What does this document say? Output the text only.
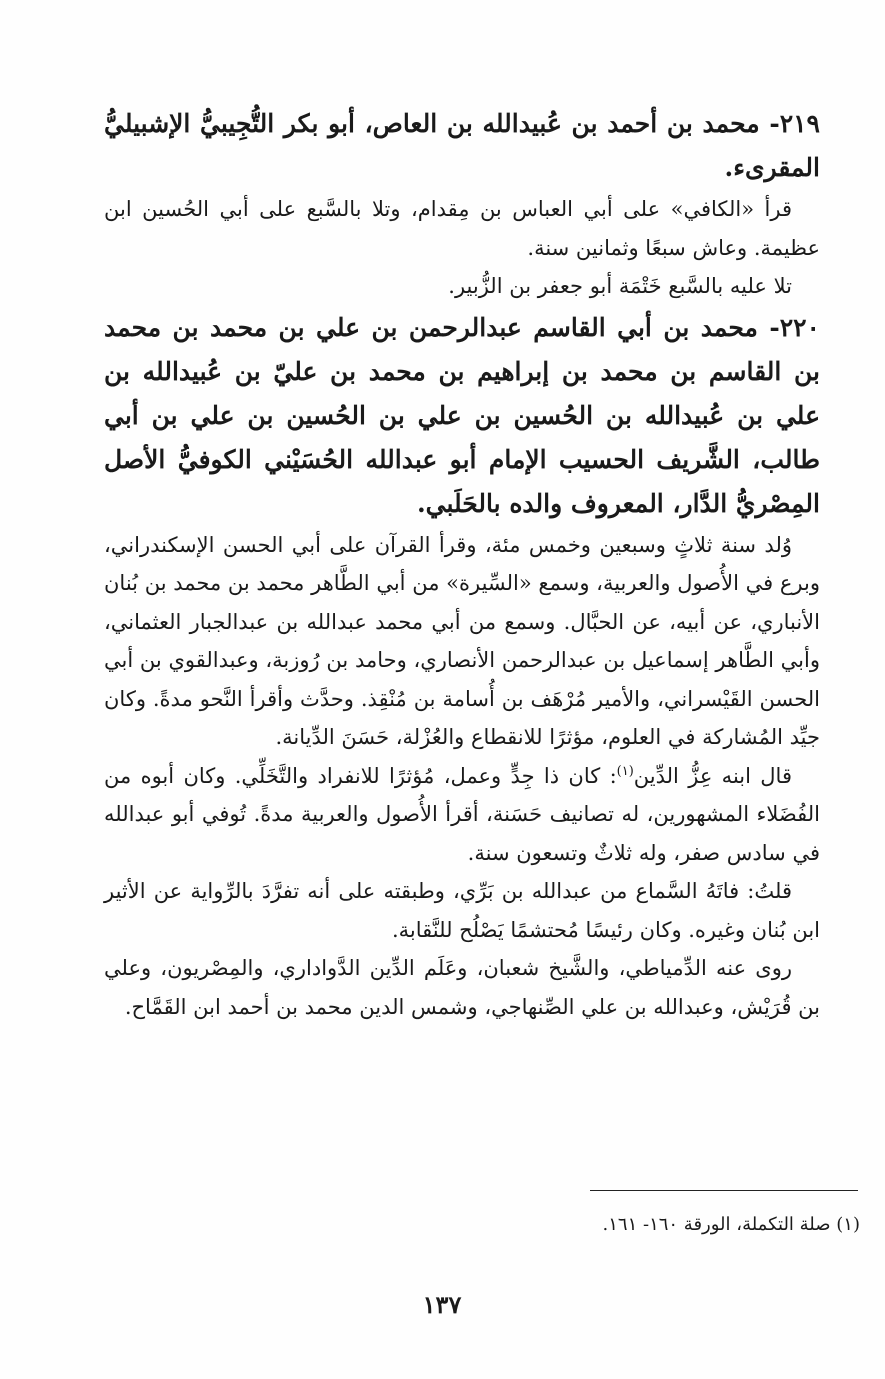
٢١٩- محمد بن أحمد بن عُبيدالله بن العاص، أبو بكر التُّجِيبيُّ الإشبيليُّ المقرىء.

قرأ «الكافي» على أبي العباس بن مِقدام، وتلا بالسَّبع على أبي الحُسين ابن عظيمة. وعاش سبعًا وثمانين سنة.

تلا عليه بالسَّبع خَتْمَة أبو جعفر بن الزُّبير.

٢٢٠- محمد بن أبي القاسم عبدالرحمن بن علي بن محمد بن محمد بن القاسم بن محمد بن إبراهيم بن محمد بن عليّ بن عُبيدالله بن علي بن عُبيدالله بن الحُسين بن علي بن الحُسين بن علي بن أبي طالب، الشَّريف الحسيب الإمام أبو عبدالله الحُسَيْني الكوفيُّ الأصل المِصْريُّ الدَّار، المعروف والده بالحَلَبي.

وُلد سنة ثلاثٍ وسبعين وخمس مئة، وقرأ القرآن على أبي الحسن الإسكندراني، وبرع في الأُصول والعربية، وسمع «السِّيرة» من أبي الطَّاهر محمد بن محمد بن بُنان الأنباري، عن أبيه، عن الحبَّال. وسمع من أبي محمد عبدالله بن عبدالجبار العثماني، وأبي الطَّاهر إسماعيل بن عبدالرحمن الأنصاري، وحامد بن رُوزبة، وعبدالقوي بن أبي الحسن القَيْسراني، والأمير مُرْهَف بن أُسامة بن مُنْقِذ. وحدَّث وأقرأ النَّحو مدةً. وكان جيِّد المُشاركة في العلوم، مؤثرًا للانقطاع والعُزْلة، حَسَنَ الدِّيانة.

قال ابنه عِزُّ الدِّين$^{(١)}$: كان ذا جِدٍّ وعمل، مُؤثرًا للانفراد والتَّخَلِّي. وكان أبوه من الفُضَلاء المشهورين، له تصانيف حَسَنة، أقرأ الأُصول والعربية مدةً. تُوفي أبو عبدالله في سادس صفر، وله ثلاثٌ وتسعون سنة.

قلتُ: فاتَهُ السَّماع من عبدالله بن بَرِّي، وطبقته على أنه تفرَّدَ بالرِّواية عن الأثير ابن بُنان وغيره. وكان رئيسًا مُحتشمًا يَصْلُح للنَّقابة.

روى عنه الدِّمياطي، والشَّيخ شعبان، وعَلَم الدِّين الدَّواداري، والمِصْريون، وعلي بن قُرَيْش، وعبدالله بن علي الصِّنهاجي، وشمس الدين محمد بن أحمد ابن القَمَّاح.

(١) صلة التكملة، الورقة ١٦٠- ١٦١.
١٣٧
